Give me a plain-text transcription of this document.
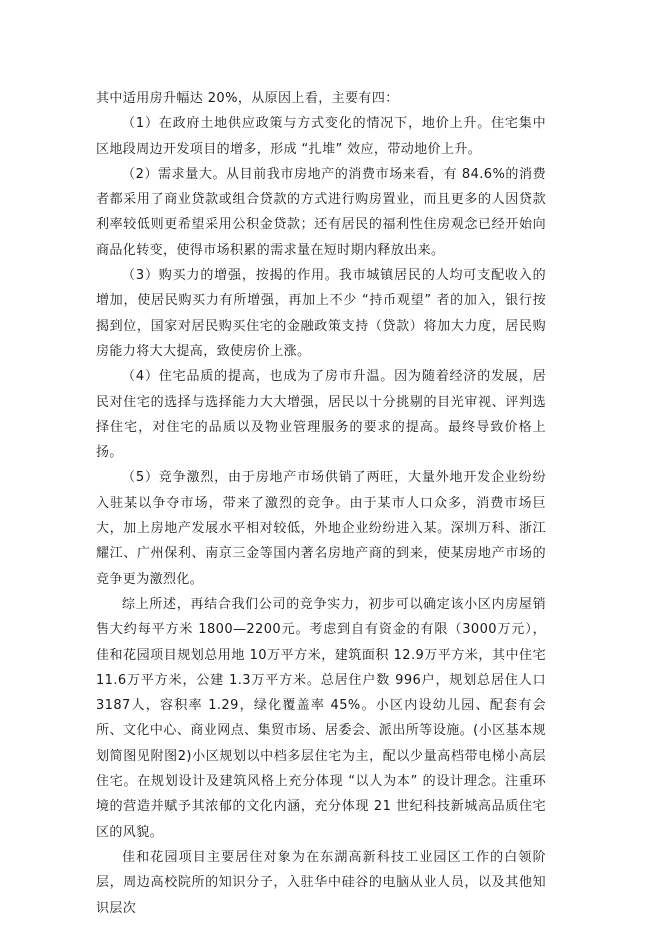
其中适用房升幅达 20%，从原因上看，主要有四：

（1）在政府土地供应政策与方式变化的情况下，地价上升。住宅集中区地段周边开发项目的增多，形成 “扎堆” 效应，带动地价上升。

（2）需求量大。从目前我市房地产的消费市场来看，有 84.6%的消费者都采用了商业贷款或组合贷款的方式进行购房置业，而且更多的人因贷款利率较低则更希望采用公积金贷款；还有居民的福利性住房观念已经开始向商品化转变，使得市场积累的需求量在短时期内释放出来。

（3）购买力的增强，按揭的作用。我市城镇居民的人均可支配收入的增加，使居民购买力有所增强，再加上不少 “持币观望” 者的加入，银行按揭到位，国家对居民购买住宅的金融政策支持（贷款）将加大力度，居民购房能力将大大提高，致使房价上涨。

（4）住宅品质的提高，也成为了房市升温。因为随着经济的发展，居民对住宅的选择与选择能力大大增强，居民以十分挑剔的目光审视、评判选择住宅，对住宅的品质以及物业管理服务的要求的提高。最终导致价格上扬。

（5）竞争激烈，由于房地产市场供销了两旺，大量外地开发企业纷纷入驻某以争夺市场，带来了激烈的竞争。由于某市人口众多，消费市场巨大，加上房地产发展水平相对较低，外地企业纷纷进入某。深圳万科、浙江耀江、广州保利、南京三金等国内著名房地产商的到来，使某房地产市场的竞争更为激烈化。

综上所述，再结合我们公司的竞争实力，初步可以确定该小区内房屋销售大约每平方米 1800—2200元。考虑到自有资金的有限（3000万元），佳和花园项目规划总用地 10万平方米，建筑面积 12.9万平方米，其中住宅 11.6万平方米，公建 1.3万平方米。总居住户数 996户，规划总居住人口 3187人，容积率 1.29，绿化覆盖率 45%。小区内设幼儿园、配套有会所、文化中心、商业网点、集贸市场、居委会、派出所等设施。(小区基本规划简图见附图2)小区规划以中档多层住宅为主，配以少量高档带电梯小高层住宅。在规划设计及建筑风格上充分体现 “以人为本” 的设计理念。注重环境的营造并赋予其浓郁的文化内涵，充分体现 21 世纪科技新城高品质住宅区的风貌。

佳和花园项目主要居住对象为在东湖高新科技工业园区工作的白领阶层，周边高校院所的知识分子，入驻华中硅谷的电脑从业人员，以及其他知识层次
